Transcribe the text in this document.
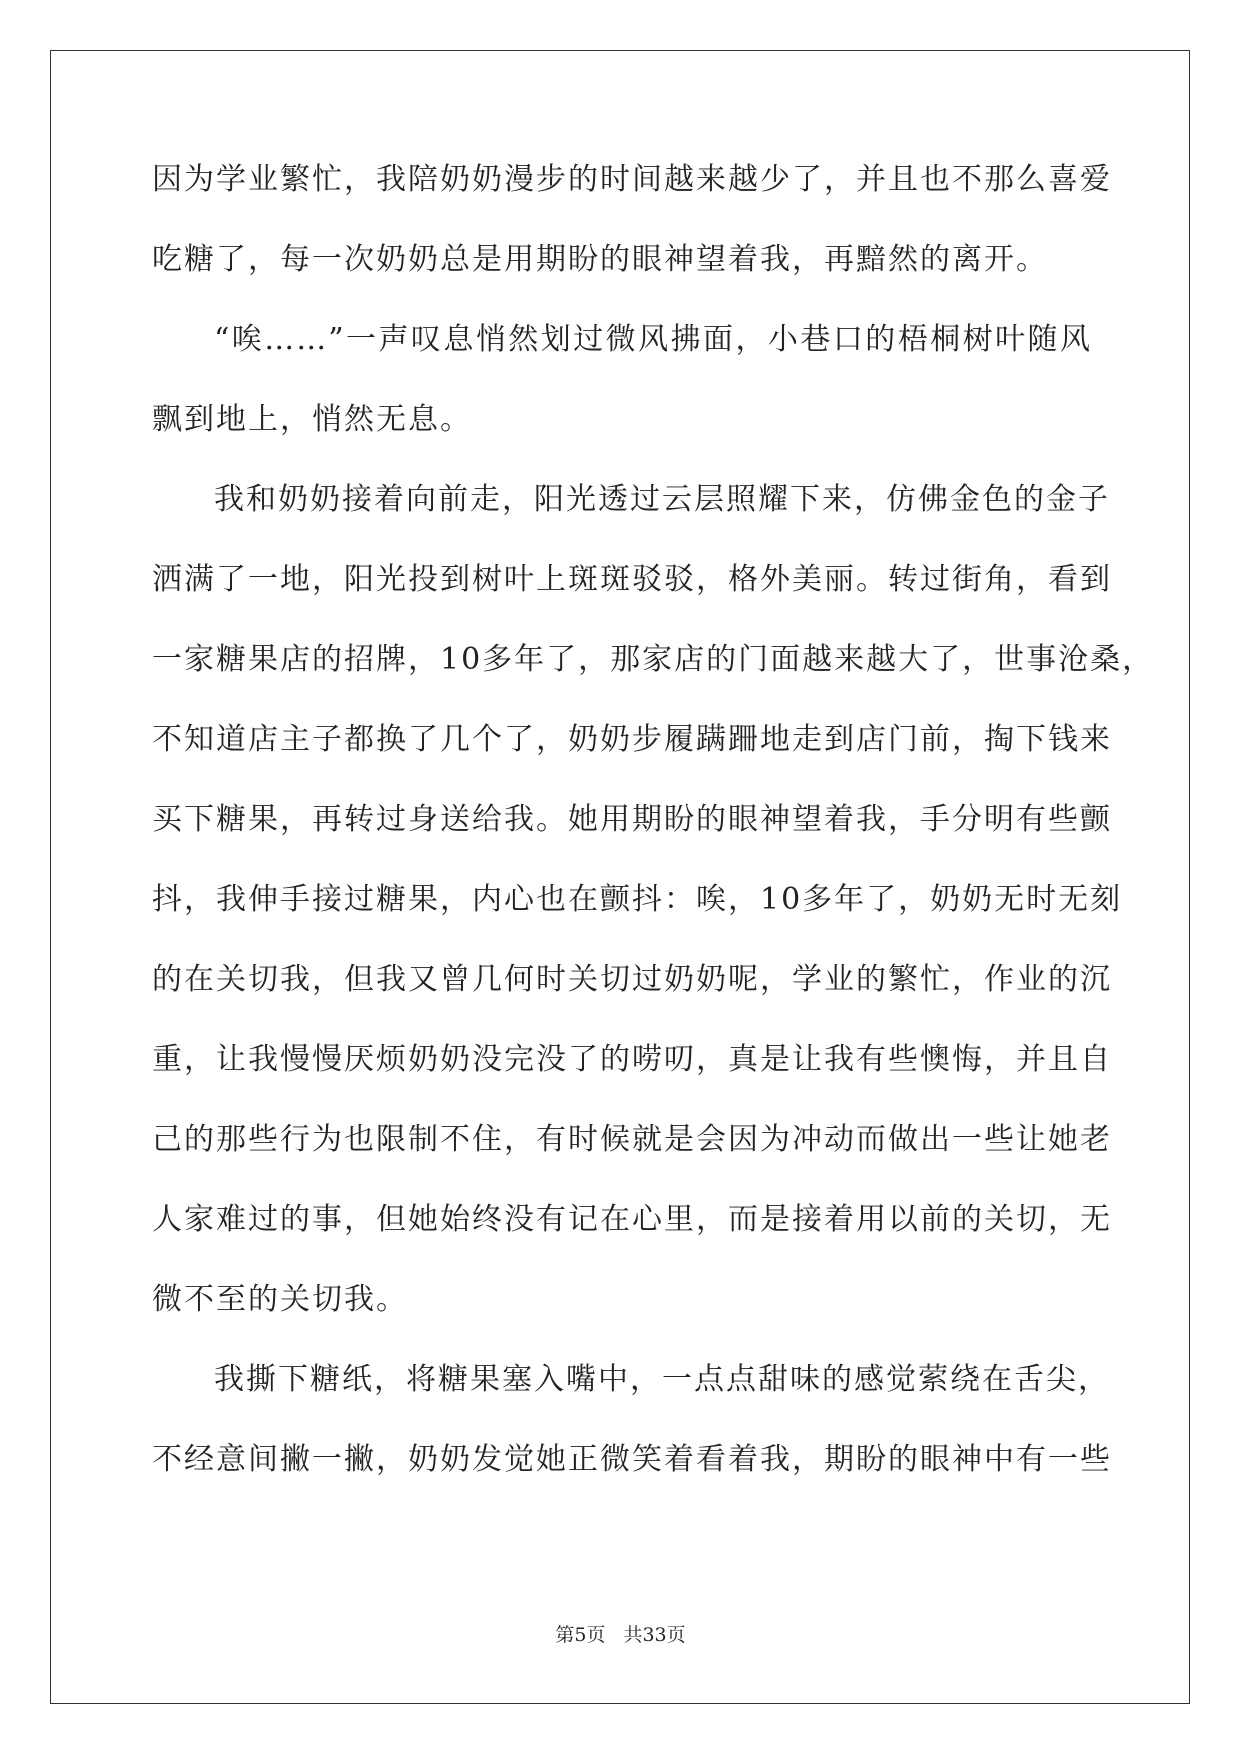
因为学业繁忙，我陪奶奶漫步的时间越来越少了，并且也不那么喜爱
吃糖了，每一次奶奶总是用期盼的眼神望着我，再黯然的离开。
“唉……”一声叹息悄然划过微风拂面，小巷口的梧桐树叶随风
飘到地上，悄然无息。
我和奶奶接着向前走，阳光透过云层照耀下来，仿佛金色的金子
洒满了一地，阳光投到树叶上斑斑驳驳，格外美丽。转过街角，看到
一家糖果店的招牌，10多年了，那家店的门面越来越大了，世事沧桑，
不知道店主子都换了几个了，奶奶步履蹒跚地走到店门前，掏下钱来
买下糖果，再转过身送给我。她用期盼的眼神望着我，手分明有些颤
抖，我伸手接过糖果，内心也在颤抖：唉，10多年了，奶奶无时无刻
的在关切我，但我又曾几何时关切过奶奶呢，学业的繁忙，作业的沉
重，让我慢慢厌烦奶奶没完没了的唠叨，真是让我有些懊悔，并且自
己的那些行为也限制不住，有时候就是会因为冲动而做出一些让她老
人家难过的事，但她始终没有记在心里，而是接着用以前的关切，无
微不至的关切我。
我撕下糖纸，将糖果塞入嘴中，一点点甜味的感觉萦绕在舌尖，
不经意间撇一撇，奶奶发觉她正微笑着看着我，期盼的眼神中有一些
第5页 共33页
